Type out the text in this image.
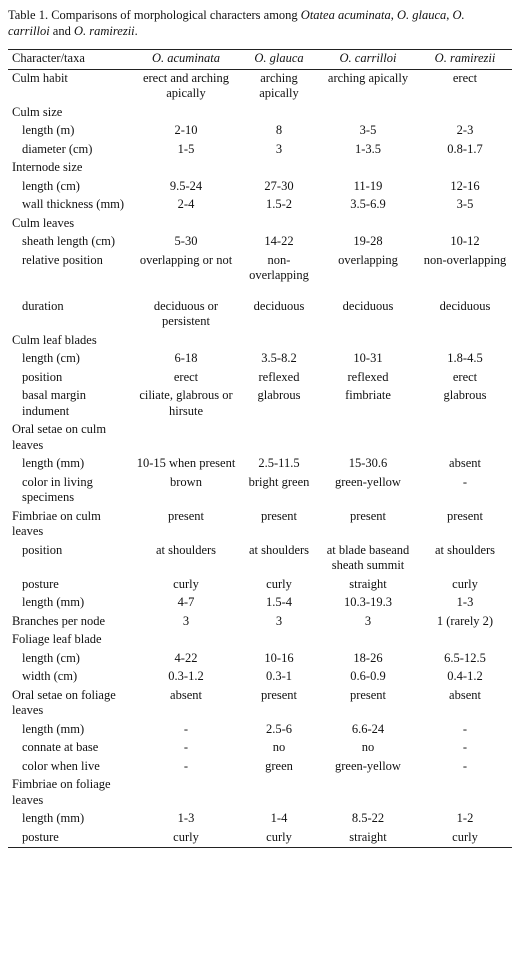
Table 1. Comparisons of morphological characters among Otatea acuminata, O. glauca, O. carrilloi and O. ramirezii.

Character/taxa	O. acuminata	O. glauca	O. carrilloi	O. ramirezii
Culm habit	erect and arching apically	arching apically	arching apically	erect
Culm size				
length (m)	2-10	8	3-5	2-3
diameter (cm)	1-5	3	1-3.5	0.8-1.7
Internode size				
length (cm)	9.5-24	27-30	11-19	12-16
wall thickness (mm)	2-4	1.5-2	3.5-6.9	3-5
Culm leaves				
sheath length (cm)	5-30	14-22	19-28	10-12
relative position	overlapping or not	non-overlapping	overlapping	non-overlapping
duration	deciduous or persistent	deciduous	deciduous	deciduous
Culm leaf blades				
length (cm)	6-18	3.5-8.2	10-31	1.8-4.5
position	erect	reflexed	reflexed	erect
basal margin indument	ciliate, glabrous or hirsute	glabrous	fimbriate	glabrous
Oral setae on culm leaves				
length (mm)	10-15 when present	2.5-11.5	15-30.6	absent
color in living specimens	brown	bright green	green-yellow	-
Fimbriae on culm leaves	present	present	present	present
position	at shoulders	at shoulders	at blade baseand sheath summit	at shoulders
posture	curly	curly	straight	curly
length (mm)	4-7	1.5-4	10.3-19.3	1-3
Branches per node	3	3	3	1 (rarely 2)
Foliage leaf blade				
length (cm)	4-22	10-16	18-26	6.5-12.5
width (cm)	0.3-1.2	0.3-1	0.6-0.9	0.4-1.2
Oral setae on foliage leaves	absent	present	present	absent
length (mm)	-	2.5-6	6.6-24	-
connate at base	-	no	no	-
color when live	-	green	green-yellow	-
Fimbriae on foliage leaves				
length (mm)	1-3	1-4	8.5-22	1-2
posture	curly	curly	straight	curly
